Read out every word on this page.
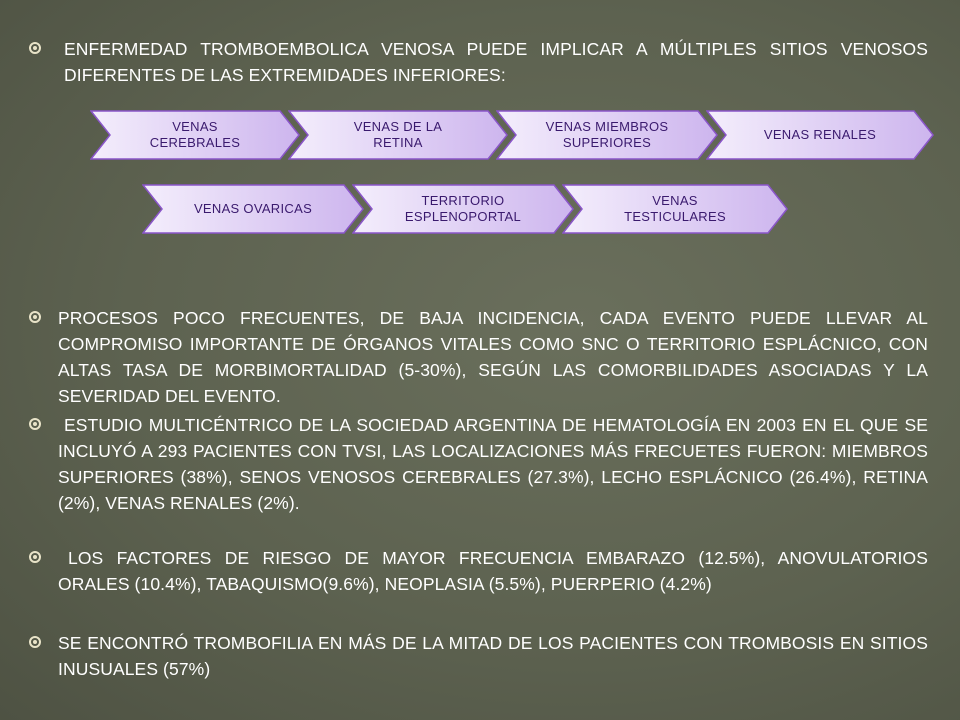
ENFERMEDAD TROMBOEMBOLICA VENOSA PUEDE IMPLICAR A MÚLTIPLES SITIOS VENOSOS DIFERENTES DE LAS EXTREMIDADES INFERIORES:
VENAS CEREBRALES
VENAS DE LA RETINA
VENAS MIEMBROS SUPERIORES
VENAS RENALES
VENAS OVARICAS
TERRITORIO ESPLENOPORTAL
VENAS TESTICULARES
PROCESOS POCO FRECUENTES, DE BAJA INCIDENCIA, CADA EVENTO PUEDE LLEVAR AL COMPROMISO IMPORTANTE DE ÓRGANOS VITALES COMO SNC O TERRITORIO ESPLÁCNICO, CON ALTAS TASA DE MORBIMORTALIDAD (5-30%), SEGÚN LAS COMORBILIDADES ASOCIADAS Y LA SEVERIDAD DEL EVENTO.
ESTUDIO MULTICÉNTRICO DE LA SOCIEDAD ARGENTINA DE HEMATOLOGÍA EN 2003 EN EL QUE SE INCLUYÓ A 293 PACIENTES CON TVSI, LAS LOCALIZACIONES MÁS FRECUETES FUERON: MIEMBROS SUPERIORES (38%), SENOS VENOSOS CEREBRALES (27.3%), LECHO ESPLÁCNICO (26.4%), RETINA (2%), VENAS RENALES (2%).
LOS FACTORES DE RIESGO DE MAYOR FRECUENCIA EMBARAZO (12.5%), ANOVULATORIOS ORALES (10.4%), TABAQUISMO(9.6%), NEOPLASIA (5.5%), PUERPERIO (4.2%)
SE ENCONTRÓ TROMBOFILIA EN MÁS DE LA MITAD DE LOS PACIENTES CON TROMBOSIS EN SITIOS INUSUALES (57%)
